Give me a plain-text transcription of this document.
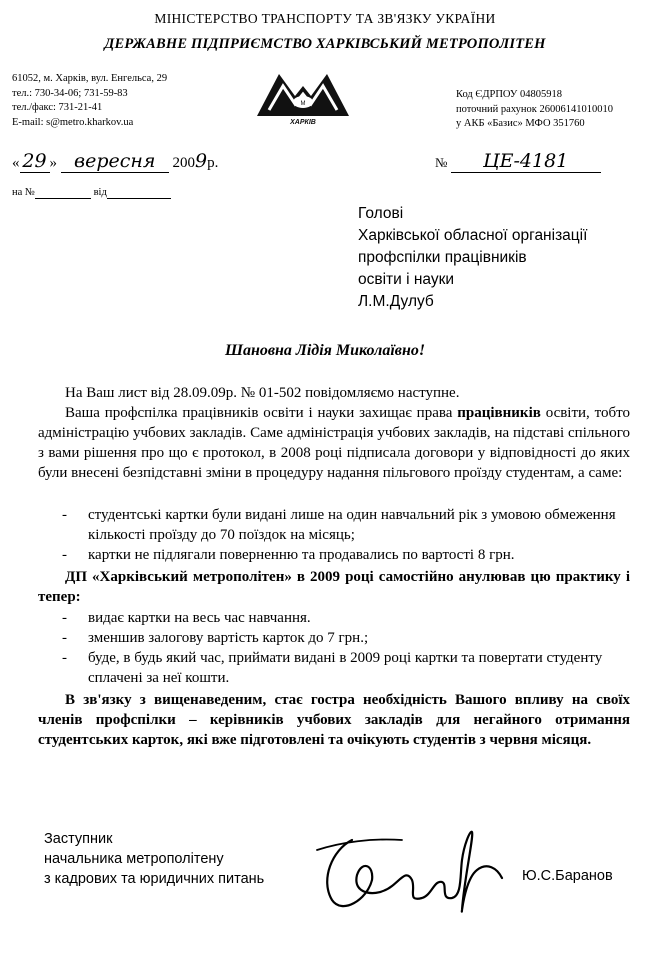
МІНІСТЕРСТВО ТРАНСПОРТУ ТА ЗВ'ЯЗКУ УКРАЇНИ
ДЕРЖАВНЕ ПІДПРИЄМСТВО ХАРКІВСЬКИЙ МЕТРОПОЛІТЕН
61052, м. Харків, вул. Енгельса, 29
тел.: 730-34-06; 731-59-83
тел./факс: 731-21-41
E-mail: s@metro.kharkov.ua
M
ХАРКІВ
Код ЄДРПОУ 04805918
поточний рахунок 26006141010010
у АКБ «Базис» МФО 351760
« 29 » вересня 2009р.	№ ЦЕ-4181
на №	від
Голові
Харківської обласної організації
профспілки працівників
освіти і науки
Л.М.Дулуб
Шановна Лідія Миколаївно!
На Ваш лист від 28.09.09р. № 01-502 повідомляємо наступне.
Ваша профспілка працівників освіти і науки захищає права працівників освіти, тобто адміністрацію учбових закладів. Саме адміністрація учбових закладів, на підставі спільного з вами рішення про що є протокол, в 2008 році підписала договори у відповідності до яких були внесені безпідставні зміни в процедуру надання пільгового проїзду студентам, а саме:
- студентські картки були видані лише на один навчальний рік з умовою обмеження кількості проїзду до 70 поїздок на місяць;
- картки не підлягали поверненню та продавались по вартості 8 грн.
ДП «Харківський метрополітен» в 2009 році самостійно анулював цю практику і тепер:
- видає картки на весь час навчання.
- зменшив залогову вартість карток до 7 грн.;
- буде, в будь який час, приймати видані в 2009 році картки та повертати студенту сплачені за неї кошти.
В зв'язку з вищенаведеним, стає гостра необхідність Вашого впливу на своїх членів профспілки – керівників учбових закладів для негайного отримання студентських карток, які вже підготовлені та очікують студентів з червня місяця.
Заступник
начальника метрополітену
з кадрових та юридичних питань	Ю.С.Баранов
